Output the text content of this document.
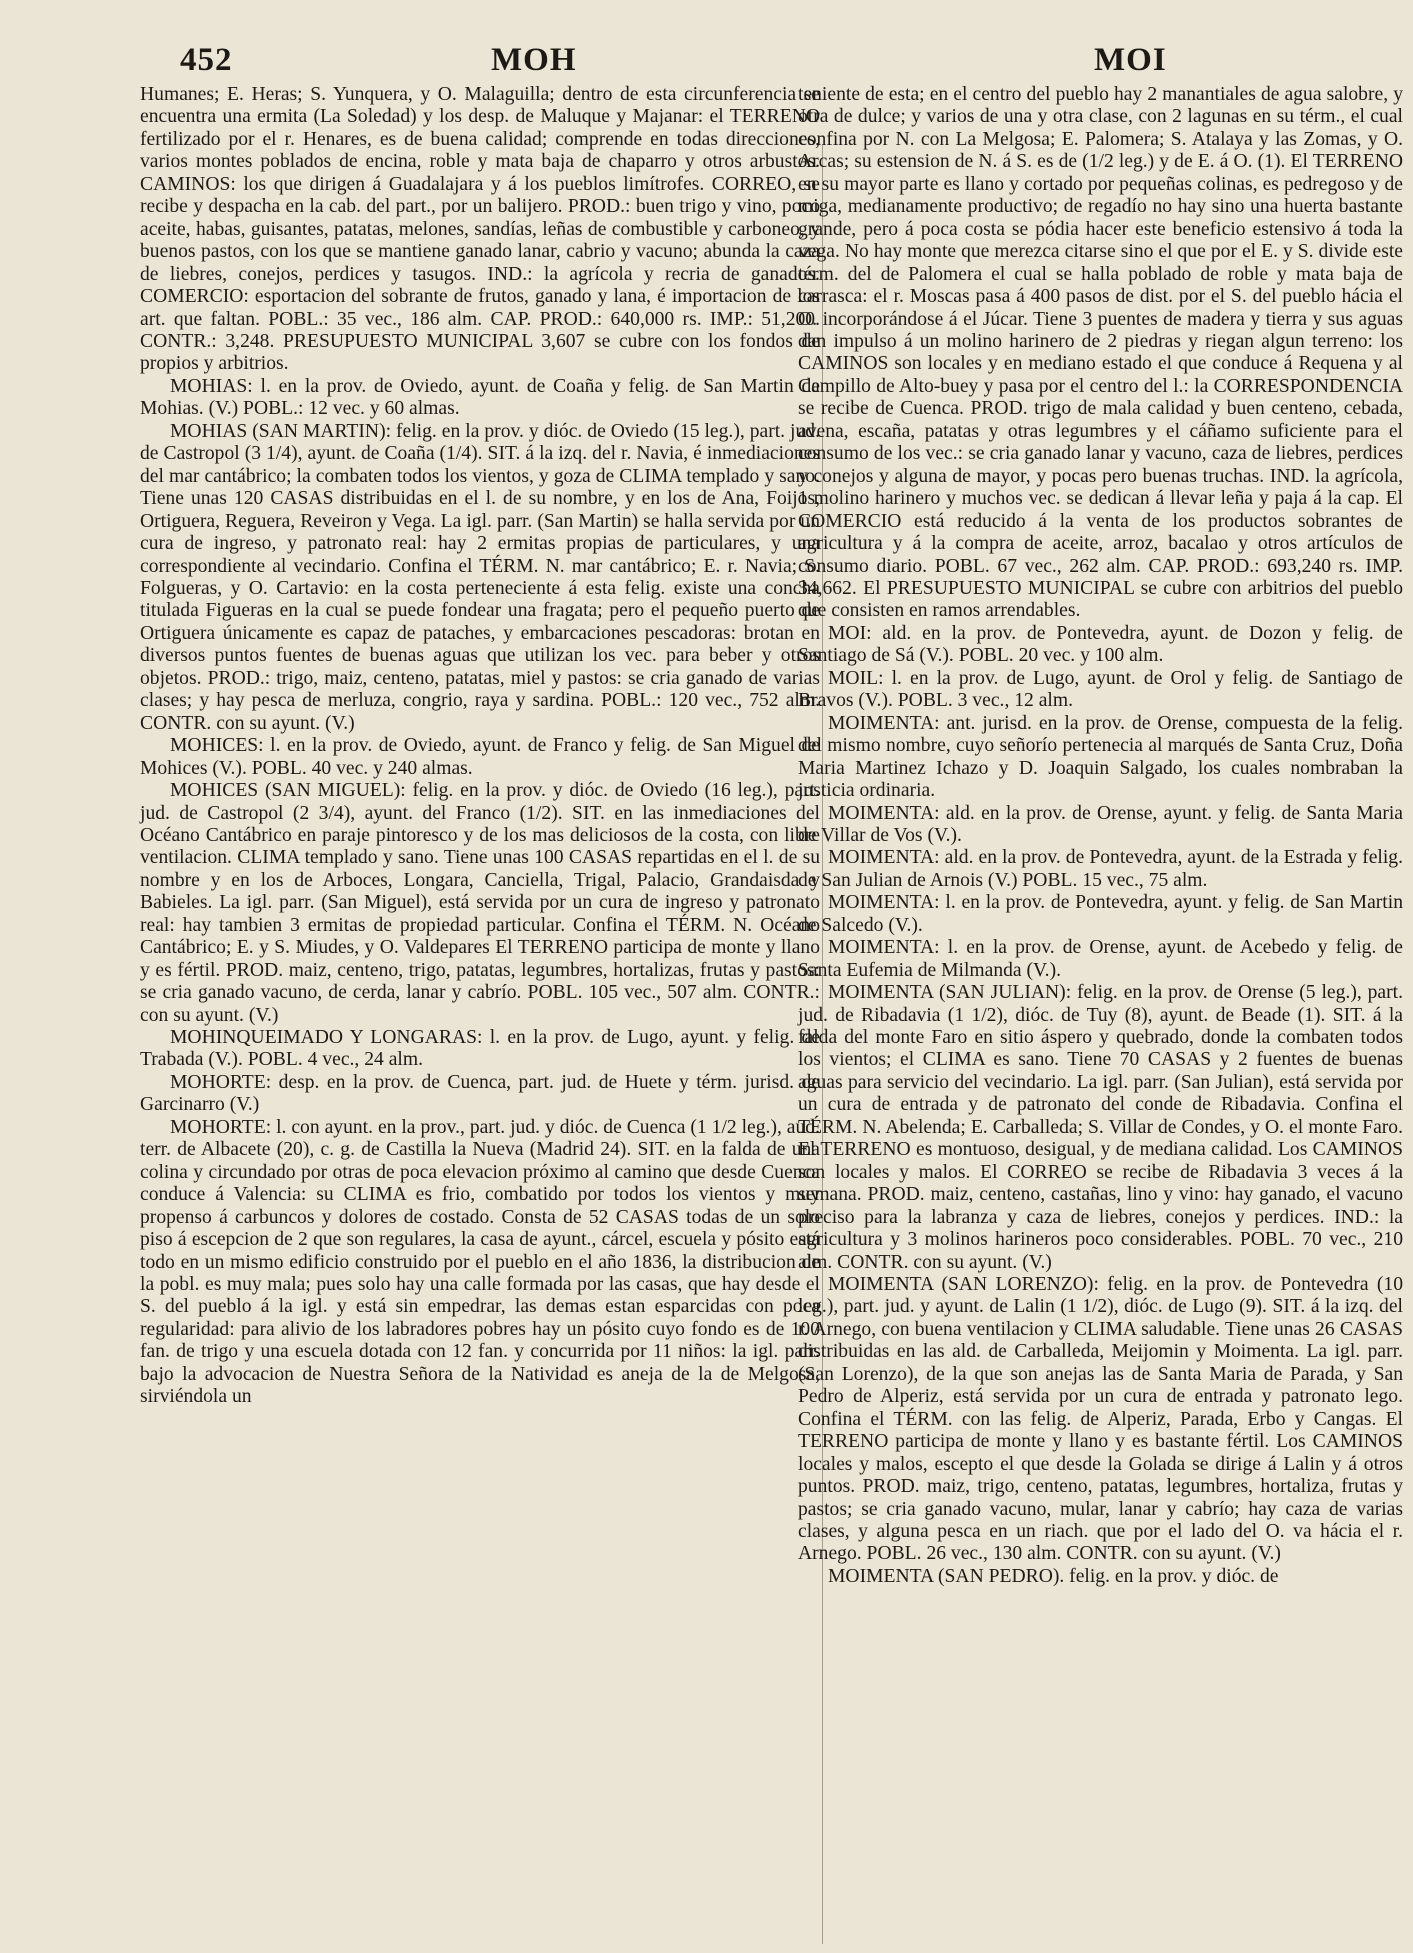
452	MOH	MOI

Humanes; E. Heras; S. Yunquera, y O. Malaguilla; dentro de esta circunferencia se encuentra una ermita (La Soledad) y los desp. de Maluque y Majanar: el TERRENO fertilizado por el r. Henares, es de buena calidad; comprende en todas direcciones, varios montes poblados de encina, roble y mata baja de chaparro y otros arbustos. CAMINOS: los que dirigen á Guadalajara y á los pueblos limítrofes. CORREO, se recibe y despacha en la cab. del part., por un balijero. PROD.: buen trigo y vino, poco aceite, habas, guisantes, patatas, melones, sandías, leñas de combustible y carboneo, y buenos pastos, con los que se mantiene ganado lanar, cabrio y vacuno; abunda la caza de liebres, conejos, perdices y tasugos. IND.: la agrícola y recria de ganados. COMERCIO: esportacion del sobrante de frutos, ganado y lana, é importacion de los art. que faltan. POBL.: 35 vec., 186 alm. CAP. PROD.: 640,000 rs. IMP.: 51,200. CONTR.: 3,248. PRESUPUESTO MUNICIPAL 3,607 se cubre con los fondos de propios y arbitrios.

MOHIAS: l. en la prov. de Oviedo, ayunt. de Coaña y felig. de San Martin de Mohias. (V.) POBL.: 12 vec. y 60 almas.

MOHIAS (SAN MARTIN): felig. en la prov. y dióc. de Oviedo (15 leg.), part. jud. de Castropol (3 1/4), ayunt. de Coaña (1/4). SIT. á la izq. del r. Navia, é inmediaciones del mar cantábrico; la combaten todos los vientos, y goza de CLIMA templado y sano. Tiene unas 120 CASAS distribuidas en el l. de su nombre, y en los de Ana, Foijos, Ortiguera, Reguera, Reveiron y Vega. La igl. parr. (San Martin) se halla servida por un cura de ingreso, y patronato real: hay 2 ermitas propias de particulares, y una correspondiente al vecindario. Confina el TÉRM. N. mar cantábrico; E. r. Navia; S. Folgueras, y O. Cartavio: en la costa perteneciente á esta felig. existe una concha titulada Figueras en la cual se puede fondear una fragata; pero el pequeño puerto de Ortiguera únicamente es capaz de pataches, y embarcaciones pescadoras: brotan en diversos puntos fuentes de buenas aguas que utilizan los vec. para beber y otros objetos. PROD.: trigo, maiz, centeno, patatas, miel y pastos: se cria ganado de varias clases; y hay pesca de merluza, congrio, raya y sardina. POBL.: 120 vec., 752 alm. CONTR. con su ayunt. (V.)

MOHICES: l. en la prov. de Oviedo, ayunt. de Franco y felig. de San Miguel de Mohices (V.). POBL. 40 vec. y 240 almas.

MOHICES (SAN MIGUEL): felig. en la prov. y dióc. de Oviedo (16 leg.), part. jud. de Castropol (2 3/4), ayunt. del Franco (1/2). SIT. en las inmediaciones del Océano Cantábrico en paraje pintoresco y de los mas deliciosos de la costa, con libre ventilacion. CLIMA templado y sano. Tiene unas 100 CASAS repartidas en el l. de su nombre y en los de Arboces, Longara, Canciella, Trigal, Palacio, Grandaisda y Babieles. La igl. parr. (San Miguel), está servida por un cura de ingreso y patronato real: hay tambien 3 ermitas de propiedad particular. Confina el TÉRM. N. Océano Cantábrico; E. y S. Miudes, y O. Valdepares El TERRENO participa de monte y llano y es fértil. PROD. maiz, centeno, trigo, patatas, legumbres, hortalizas, frutas y pastos: se cria ganado vacuno, de cerda, lanar y cabrío. POBL. 105 vec., 507 alm. CONTR.: con su ayunt. (V.)

MOHINQUEIMADO Y LONGARAS: l. en la prov. de Lugo, ayunt. y felig. de Trabada (V.). POBL. 4 vec., 24 alm.

MOHORTE: desp. en la prov. de Cuenca, part. jud. de Huete y térm. jurisd. de Garcinarro (V.)

MOHORTE: l. con ayunt. en la prov., part. jud. y dióc. de Cuenca (1 1/2 leg.), aud. terr. de Albacete (20), c. g. de Castilla la Nueva (Madrid 24). SIT. en la falda de una colina y circundado por otras de poca elevacion próximo al camino que desde Cuenca conduce á Valencia: su CLIMA es frio, combatido por todos los vientos y muy propenso á carbuncos y dolores de costado. Consta de 52 CASAS todas de un solo piso á escepcion de 2 que son regulares, la casa de ayunt., cárcel, escuela y pósito está todo en un mismo edificio construido por el pueblo en el año 1836, la distribucion de la pobl. es muy mala; pues solo hay una calle formada por las casas, que hay desde el S. del pueblo á la igl. y está sin empedrar, las demas estan esparcidas con poca regularidad: para alivio de los labradores pobres hay un pósito cuyo fondo es de 100 fan. de trigo y una escuela dotada con 12 fan. y concurrida por 11 niños: la igl. parr. bajo la advocacion de Nuestra Señora de la Natividad es aneja de la de Melgosa, sirviéndola un

teniente de esta; en el centro del pueblo hay 2 manantiales de agua salobre, y otra de dulce; y varios de una y otra clase, con 2 lagunas en su térm., el cual confina por N. con La Melgosa; E. Palomera; S. Atalaya y las Zomas, y O. Arcas; su estension de N. á S. es de (1/2 leg.) y de E. á O. (1). El TERRENO en su mayor parte es llano y cortado por pequeñas colinas, es pedregoso y de miga, medianamente productivo; de regadío no hay sino una huerta bastante grande, pero á poca costa se pódia hacer este beneficio estensivo á toda la vega. No hay monte que merezca citarse sino el que por el E. y S. divide este térm. del de Palomera el cual se halla poblado de roble y mata baja de carrasca: el r. Moscas pasa á 400 pasos de dist. por el S. del pueblo hácia el O. incorporándose á el Júcar. Tiene 3 puentes de madera y tierra y sus aguas dan impulso á un molino harinero de 2 piedras y riegan algun terreno: los CAMINOS son locales y en mediano estado el que conduce á Requena y al Campillo de Alto-buey y pasa por el centro del l.: la CORRESPONDENCIA se recibe de Cuenca. PROD. trigo de mala calidad y buen centeno, cebada, avena, escaña, patatas y otras legumbres y el cáñamo suficiente para el consumo de los vec.: se cria ganado lanar y vacuno, caza de liebres, perdices y conejos y alguna de mayor, y pocas pero buenas truchas. IND. la agrícola, 1 molino harinero y muchos vec. se dedican á llevar leña y paja á la cap. El COMERCIO está reducido á la venta de los productos sobrantes de agricultura y á la compra de aceite, arroz, bacalao y otros artículos de consumo diario. POBL. 67 vec., 262 alm. CAP. PROD.: 693,240 rs. IMP. 34,662. El PRESUPUESTO MUNICIPAL se cubre con arbitrios del pueblo que consisten en ramos arrendables.

MOI: ald. en la prov. de Pontevedra, ayunt. de Dozon y felig. de Santiago de Sá (V.). POBL. 20 vec. y 100 alm.

MOIL: l. en la prov. de Lugo, ayunt. de Orol y felig. de Santiago de Bravos (V.). POBL. 3 vec., 12 alm.

MOIMENTA: ant. jurisd. en la prov. de Orense, compuesta de la felig. del mismo nombre, cuyo señorío pertenecia al marqués de Santa Cruz, Doña Maria Martinez Ichazo y D. Joaquin Salgado, los cuales nombraban la justicia ordinaria.

MOIMENTA: ald. en la prov. de Orense, ayunt. y felig. de Santa Maria de Villar de Vos (V.).

MOIMENTA: ald. en la prov. de Pontevedra, ayunt. de la Estrada y felig. de San Julian de Arnois (V.) POBL. 15 vec., 75 alm.

MOIMENTA: l. en la prov. de Pontevedra, ayunt. y felig. de San Martin de Salcedo (V.).

MOIMENTA: l. en la prov. de Orense, ayunt. de Acebedo y felig. de Santa Eufemia de Milmanda (V.).

MOIMENTA (SAN JULIAN): felig. en la prov. de Orense (5 leg.), part. jud. de Ribadavia (1 1/2), dióc. de Tuy (8), ayunt. de Beade (1). SIT. á la falda del monte Faro en sitio áspero y quebrado, donde la combaten todos los vientos; el CLIMA es sano. Tiene 70 CASAS y 2 fuentes de buenas aguas para servicio del vecindario. La igl. parr. (San Julian), está servida por un cura de entrada y de patronato del conde de Ribadavia. Confina el TÉRM. N. Abelenda; E. Carballeda; S. Villar de Condes, y O. el monte Faro. El TERRENO es montuoso, desigual, y de mediana calidad. Los CAMINOS son locales y malos. El CORREO se recibe de Ribadavia 3 veces á la semana. PROD. maiz, centeno, castañas, lino y vino: hay ganado, el vacuno preciso para la labranza y caza de liebres, conejos y perdices. IND.: la agricultura y 3 molinos harineros poco considerables. POBL. 70 vec., 210 alm. CONTR. con su ayunt. (V.)

MOIMENTA (SAN LORENZO): felig. en la prov. de Pontevedra (10 leg.), part. jud. y ayunt. de Lalin (1 1/2), dióc. de Lugo (9). SIT. á la izq. del r. Arnego, con buena ventilacion y CLIMA saludable. Tiene unas 26 CASAS distribuidas en las ald. de Carballeda, Meijomin y Moimenta. La igl. parr. (San Lorenzo), de la que son anejas las de Santa Maria de Parada, y San Pedro de Alperiz, está servida por un cura de entrada y patronato lego. Confina el TÉRM. con las felig. de Alperiz, Parada, Erbo y Cangas. El TERRENO participa de monte y llano y es bastante fértil. Los CAMINOS locales y malos, escepto el que desde la Golada se dirige á Lalin y á otros puntos. PROD. maiz, trigo, centeno, patatas, legumbres, hortaliza, frutas y pastos; se cria ganado vacuno, mular, lanar y cabrío; hay caza de varias clases, y alguna pesca en un riach. que por el lado del O. va hácia el r. Arnego. POBL. 26 vec., 130 alm. CONTR. con su ayunt. (V.)

MOIMENTA (SAN PEDRO). felig. en la prov. y dióc. de
